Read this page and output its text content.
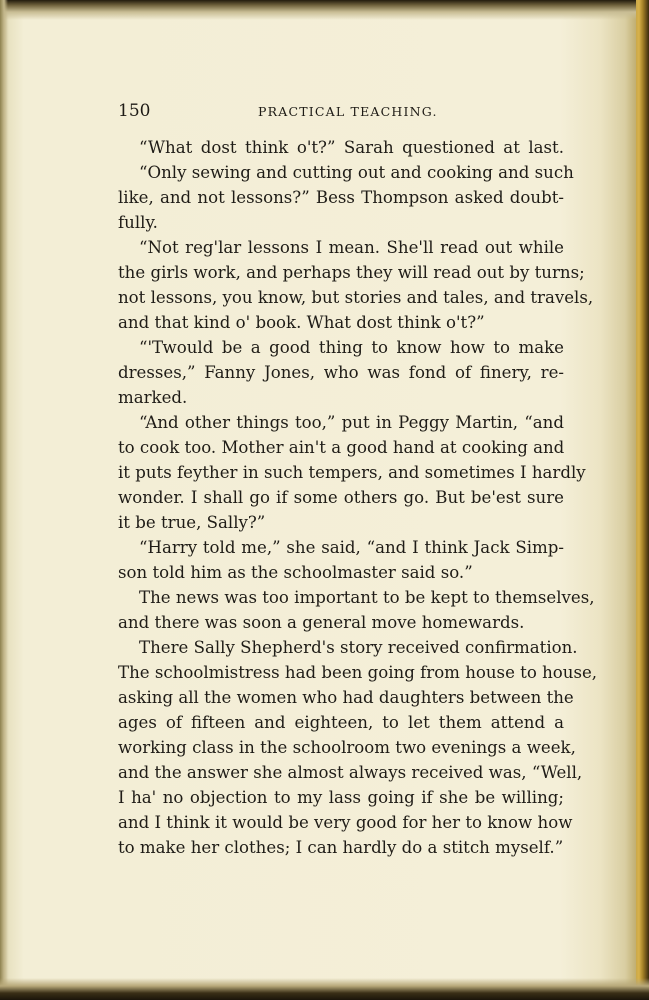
150	PRACTICAL TEACHING.
“What dost think o't?” Sarah questioned at last.
“Only sewing and cutting out and cooking and such
like, and not lessons?” Bess Thompson asked doubt-
fully.
“Not reg'lar lessons I mean. She'll read out while
the girls work, and perhaps they will read out by turns;
not lessons, you know, but stories and tales, and travels,
and that kind o' book. What dost think o't?”
“'Twould be a good thing to know how to make
dresses,” Fanny Jones, who was fond of finery, re-
marked.
“And other things too,” put in Peggy Martin, “and
to cook too. Mother ain't a good hand at cooking and
it puts feyther in such tempers, and sometimes I hardly
wonder. I shall go if some others go. But be'est sure
it be true, Sally?”
“Harry told me,” she said, “and I think Jack Simp-
son told him as the schoolmaster said so.”
The news was too important to be kept to themselves,
and there was soon a general move homewards.
There Sally Shepherd's story received confirmation.
The schoolmistress had been going from house to house,
asking all the women who had daughters between the
ages of fifteen and eighteen, to let them attend a
working class in the schoolroom two evenings a week,
and the answer she almost always received was, “Well,
I ha' no objection to my lass going if she be willing;
and I think it would be very good for her to know how
to make her clothes; I can hardly do a stitch myself.”
